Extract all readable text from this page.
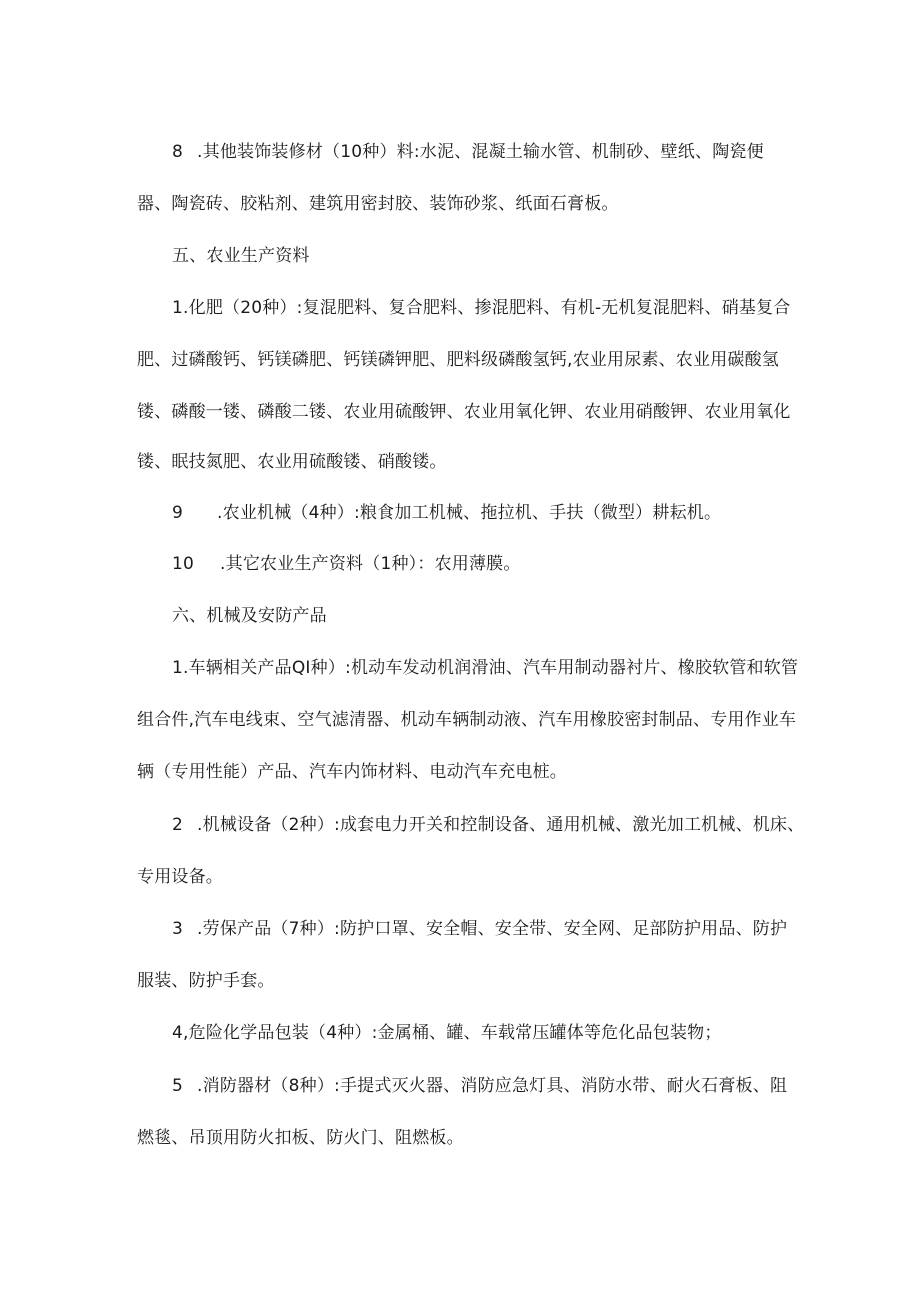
8 .其他装饰装修材（10种）料:水泥、混凝土输水管、机制砂、壁纸、陶瓷便
器、陶瓷砖、胶粘剂、建筑用密封胶、装饰砂浆、纸面石膏板。
五、农业生产资料
1.化肥（20种）:复混肥料、复合肥料、掺混肥料、有机-无机复混肥料、硝基复合
肥、过磷酸钙、钙镁磷肥、钙镁磷钾肥、肥料级磷酸氢钙,农业用尿素、农业用碳酸氢
镂、磷酸一镂、磷酸二镂、农业用硫酸钾、农业用氧化钾、农业用硝酸钾、农业用氧化
镂、眠技氮肥、农业用硫酸镂、硝酸镂。
9 .农业机械（4种）:粮食加工机械、拖拉机、手扶（微型）耕耘机。
10 .其它农业生产资料（1种）：农用薄膜。
六、机械及安防产品
1.车辆相关产品QI种）:机动车发动机润滑油、汽车用制动器衬片、橡胶软管和软管
组合件,汽车电线束、空气滤清器、机动车辆制动液、汽车用橡胶密封制品、专用作业车
辆（专用性能）产品、汽车内饰材料、电动汽车充电桩。
2 .机械设备（2种）:成套电力开关和控制设备、通用机械、激光加工机械、机床、
专用设备。
3 .劳保产品（7种）:防护口罩、安全帽、安全带、安全网、足部防护用品、防护
服装、防护手套。
4,危险化学品包装（4种）:金属桶、罐、车载常压罐体等危化品包装物；
5 .消防器材（8种）:手提式灭火器、消防应急灯具、消防水带、耐火石膏板、阻
燃毯、吊顶用防火扣板、防火门、阻燃板。
